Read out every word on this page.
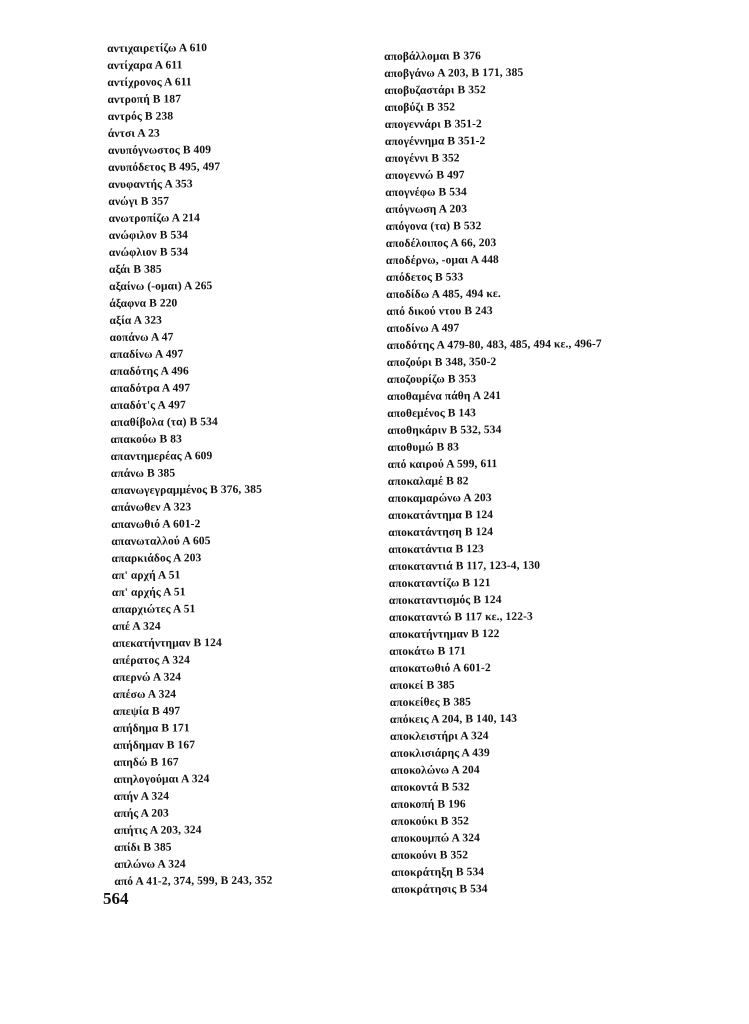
αντιχαιρετίζω Α 610
αντίχαρα Α 611
αντίχρονος Α 611
αντροπή Β 187
αντρός Β 238
άντσι Α 23
ανυπόγνωστος Β 409
ανυπόδετος Β 495, 497
ανυφαντής Α 353
ανώγι Β 357
ανωτροπίζω Α 214
ανώφιλον Β 534
ανώφλιον Β 534
αξάι Β 385
αξαίνω (-ομαι) Α 265
άξαφνα Β 220
αξία Α 323
αοπάνω Α 47
απαδίνω Α 497
απαδότης Α 496
απαδότρα Α 497
απαδότ'ς Α 497
απαθίβολα (τα) Β 534
απακούω Β 83
απαντημερέας Α 609
απάνω Β 385
απανωγεγραμμένος Β 376, 385
απάνωθεν Α 323
απανωθιό Α 601-2
απανωταλλού Α 605
απαρκιάδος Α 203
απ' αρχή Α 51
απ' αρχής Α 51
απαρχιώτες Α 51
απέ Α 324
απεκατήντημαν Β 124
απέρατος Α 324
απερνώ Α 324
απέσω Α 324
απεψία Β 497
απήδημα Β 171
απήδημαν Β 167
απηδώ Β 167
απηλογούμαι Α 324
απήν Α 324
απής Α 203
απήτις Α 203, 324
απίδι Β 385
απλώνω Α 324
από Α 41-2, 374, 599, Β 243, 352
αποβάλλομαι Β 376
αποβγάνω Α 203, Β 171, 385
αποβυζαστάρι Β 352
αποβύζι Β 352
απογεννάρι Β 351-2
απογέννημα Β 351-2
απογέννι Β 352
απογεννώ Β 497
απογνέφω Β 534
απόγνωση Α 203
απόγονα (τα) Β 532
αποδέλοιπος Α 66, 203
αποδέρνω, -ομαι Α 448
απόδετος Β 533
αποδίδω Α 485, 494 κε.
από δικού ντου Β 243
αποδίνω Α 497
αποδότης Α 479-80, 483, 485, 494 κε., 496-7
αποζούρι Β 348, 350-2
αποζουρίζω Β 353
αποθαμένα πάθη Α 241
αποθεμένος Β 143
αποθηκάριν Β 532, 534
αποθυμώ Β 83
από καιρού Α 599, 611
αποκαλαμέ Β 82
αποκαμαρώνω Α 203
αποκατάντημα Β 124
αποκατάντηση Β 124
αποκατάντια Β 123
αποκαταντιά Β 117, 123-4, 130
αποκαταντίζω Β 121
αποκαταντισμός Β 124
αποκαταντώ Β 117 κε., 122-3
αποκατήντημαν Β 122
αποκάτω Β 171
αποκατωθιό Α 601-2
αποκεί Β 385
αποκείθες Β 385
απόκεις Α 204, Β 140, 143
αποκλειστήρι Α 324
αποκλισιάρης Α 439
αποκολώνω Α 204
αποκοντά Β 532
αποκοπή Β 196
αποκούκι Β 352
αποκουμπώ Α 324
αποκούνι Β 352
αποκράτηξη Β 534
αποκράτησις Β 534
564
